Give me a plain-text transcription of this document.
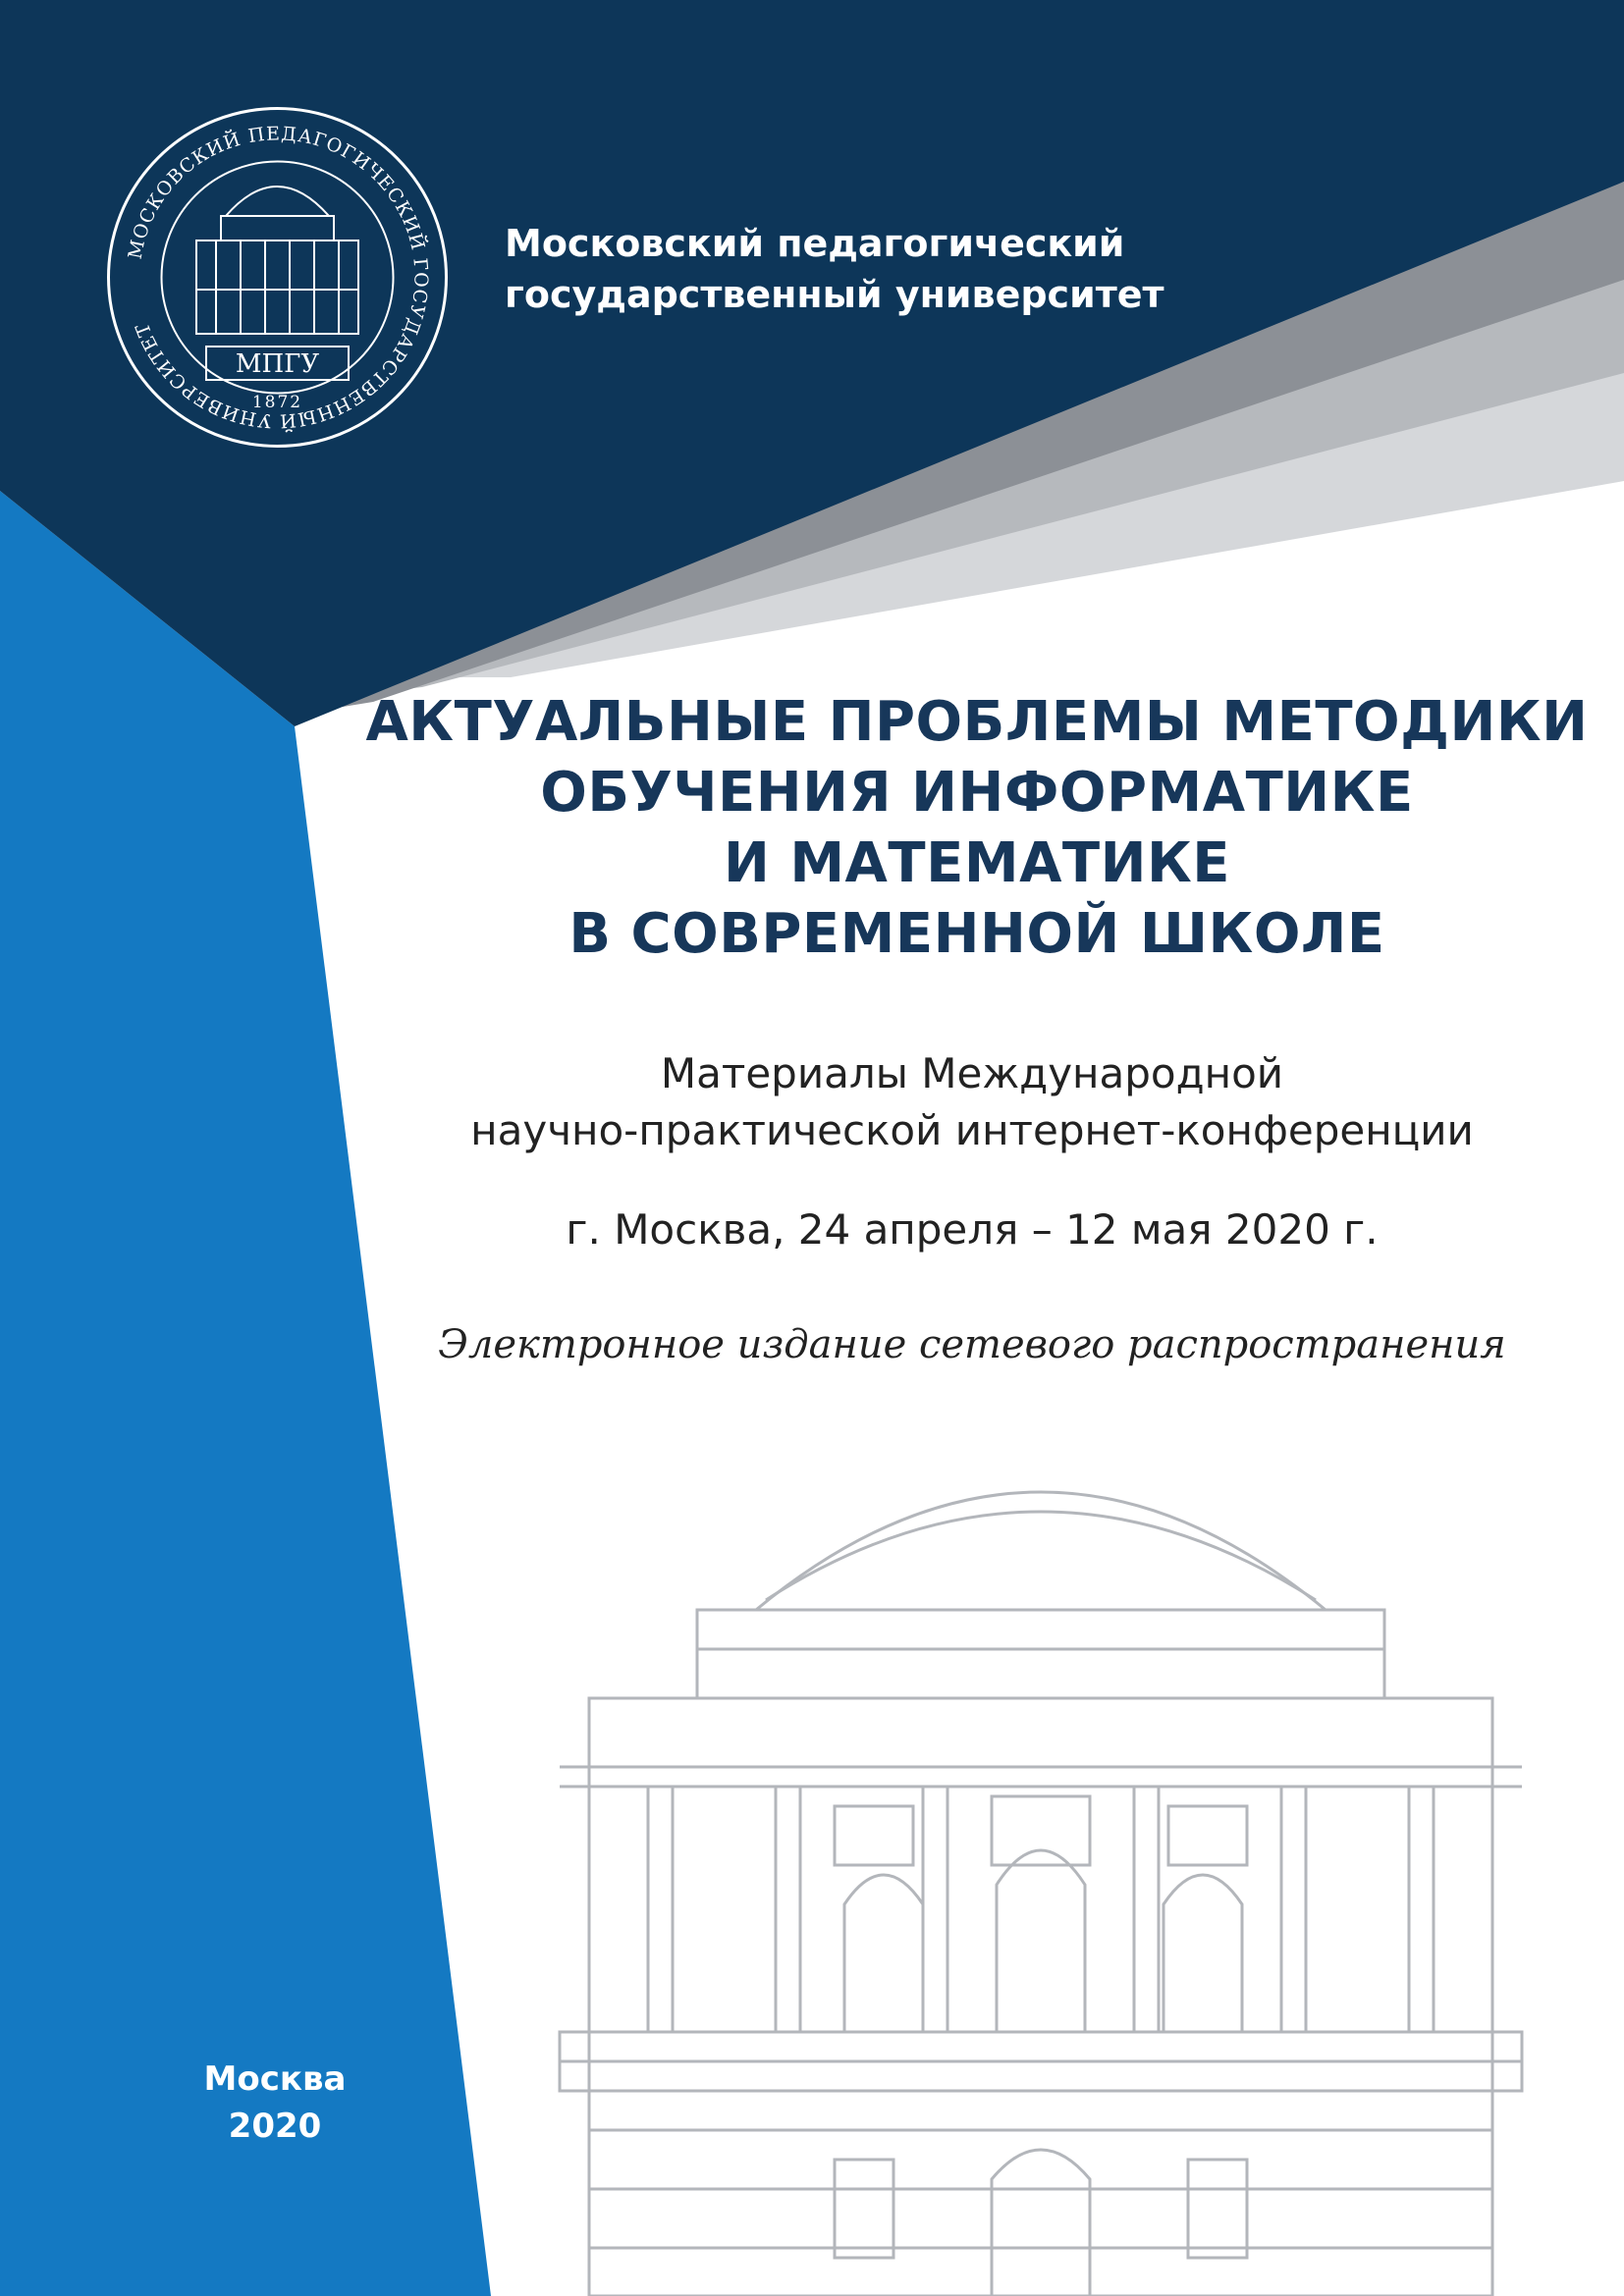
МОСКОВСКИЙ ПЕДАГОГИЧЕСКИЙ ГОСУДАРСТВЕННЫЙ УНИВЕРСИТЕТ
МПГУ
1872
Московский педагогический
государственный университет
АКТУАЛЬНЫЕ ПРОБЛЕМЫ МЕТОДИКИ
ОБУЧЕНИЯ ИНФОРМАТИКЕ
И МАТЕМАТИКЕ
В СОВРЕМЕННОЙ ШКОЛЕ
Материалы Международной
научно-практической интернет-конференции
г. Москва, 24 апреля – 12 мая 2020 г.
Электронное издание сетевого распространения
Москва
2020
